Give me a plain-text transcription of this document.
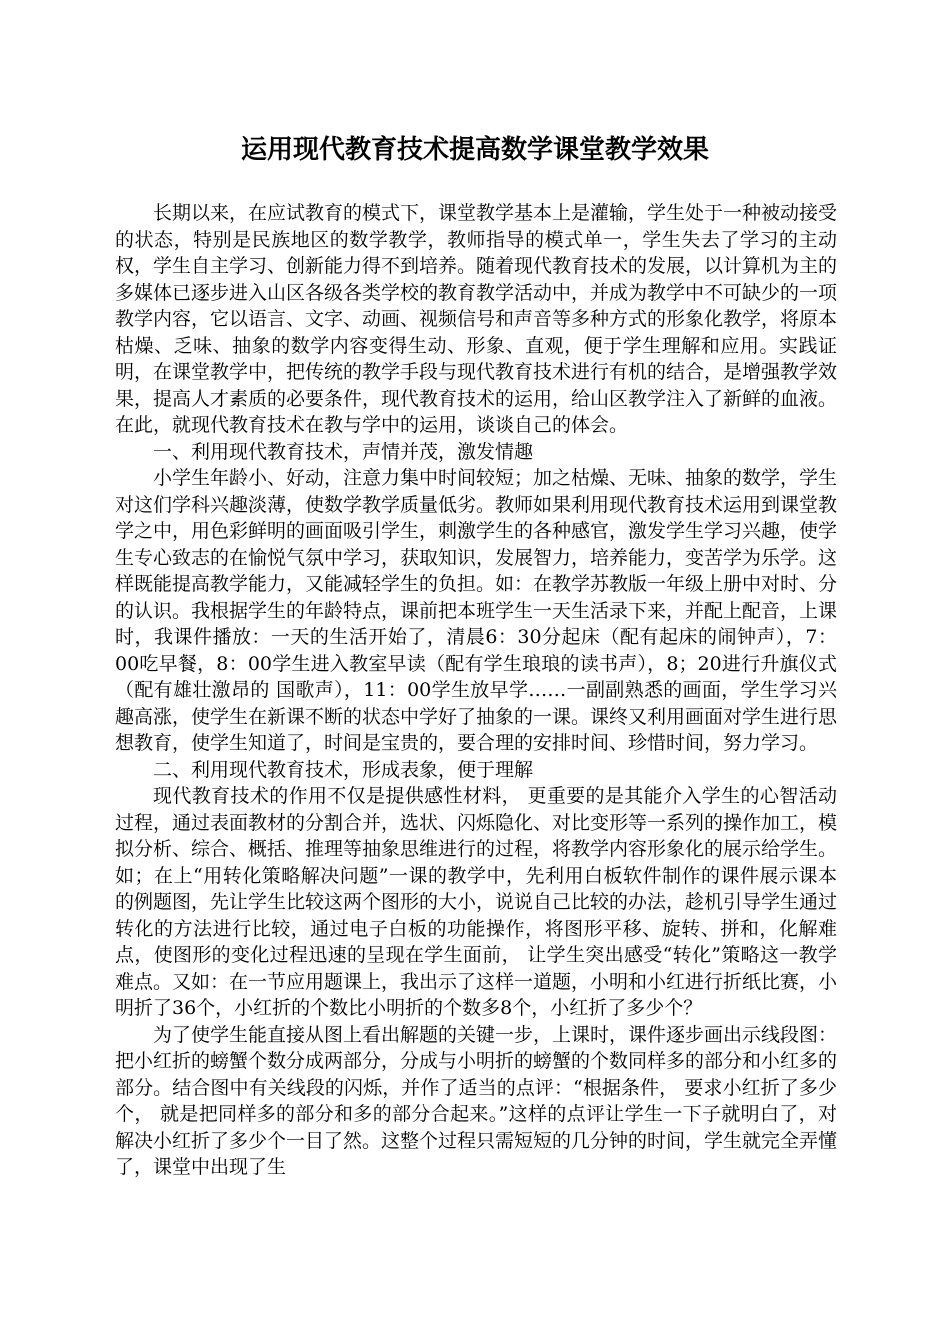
运用现代教育技术提高数学课堂教学效果

长期以来，在应试教育的模式下，课堂教学基本上是灌输，学生处于一种被动接受的状态，特别是民族地区的数学教学，教师指导的模式单一，学生失去了学习的主动权，学生自主学习、创新能力得不到培养。随着现代教育技术的发展，以计算机为主的多媒体已逐步进入山区各级各类学校的教育教学活动中，并成为教学中不可缺少的一项教学内容，它以语言、文字、动画、视频信号和声音等多种方式的形象化教学，将原本枯燥、乏味、抽象的数学内容变得生动、形象、直观，便于学生理解和应用。实践证明，在课堂教学中，把传统的教学手段与现代教育技术进行有机的结合，是增强教学效果，提高人才素质的必要条件，现代教育技术的运用，给山区教学注入了新鲜的血液。在此，就现代教育技术在教与学中的运用，谈谈自己的体会。

一、利用现代教育技术，声情并茂，激发情趣

小学生年龄小、好动，注意力集中时间较短；加之枯燥、无味、抽象的数学，学生对这们学科兴趣淡薄，使数学教学质量低劣。教师如果利用现代教育技术运用到课堂教学之中，用色彩鲜明的画面吸引学生，刺激学生的各种感官，激发学生学习兴趣，使学生专心致志的在愉悦气氛中学习，获取知识，发展智力，培养能力，变苦学为乐学。这样既能提高教学能力，又能减轻学生的负担。如：在教学苏教版一年级上册中对时、分的认识。我根据学生的年龄特点，课前把本班学生一天生活录下来，并配上配音，上课时，我课件播放：一天的生活开始了，清晨6：30分起床（配有起床的闹钟声），7：00吃早餐，8：00学生进入教室早读（配有学生琅琅的读书声），8；20进行升旗仪式（配有雄壮激昂的 国歌声），11：00学生放早学……一副副熟悉的画面，学生学习兴趣高涨，使学生在新课不断的状态中学好了抽象的一课。课终又利用画面对学生进行思想教育，使学生知道了，时间是宝贵的，要合理的安排时间、珍惜时间，努力学习。

二、利用现代教育技术，形成表象，便于理解

现代教育技术的作用不仅是提供感性材料， 更重要的是其能介入学生的心智活动过程，通过表面教材的分割合并，选状、闪烁隐化、对比变形等一系列的操作加工，模拟分析、综合、概括、推理等抽象思维进行的过程，将教学内容形象化的展示给学生。如；在上“用转化策略解决问题”一课的教学中，先利用白板软件制作的课件展示课本的例题图，先让学生比较这两个图形的大小，说说自己比较的办法，趁机引导学生通过转化的方法进行比较，通过电子白板的功能操作，将图形平移、旋转、拼和，化解难点，使图形的变化过程迅速的呈现在学生面前， 让学生突出感受“转化”策略这一教学难点。又如：在一节应用题课上，我出示了这样一道题，小明和小红进行折纸比赛，小明折了36个，小红折的个数比小明折的个数多8个，小红折了多少个？

为了使学生能直接从图上看出解题的关键一步，上课时，课件逐步画出示线段图：把小红折的螃蟹个数分成两部分，分成与小明折的螃蟹的个数同样多的部分和小红多的部分。结合图中有关线段的闪烁，并作了适当的点评：“根据条件， 要求小红折了多少个， 就是把同样多的部分和多的部分合起来。”这样的点评让学生一下子就明白了，对解决小红折了多少个一目了然。这整个过程只需短短的几分钟的时间，学生就完全弄懂了，课堂中出现了生
